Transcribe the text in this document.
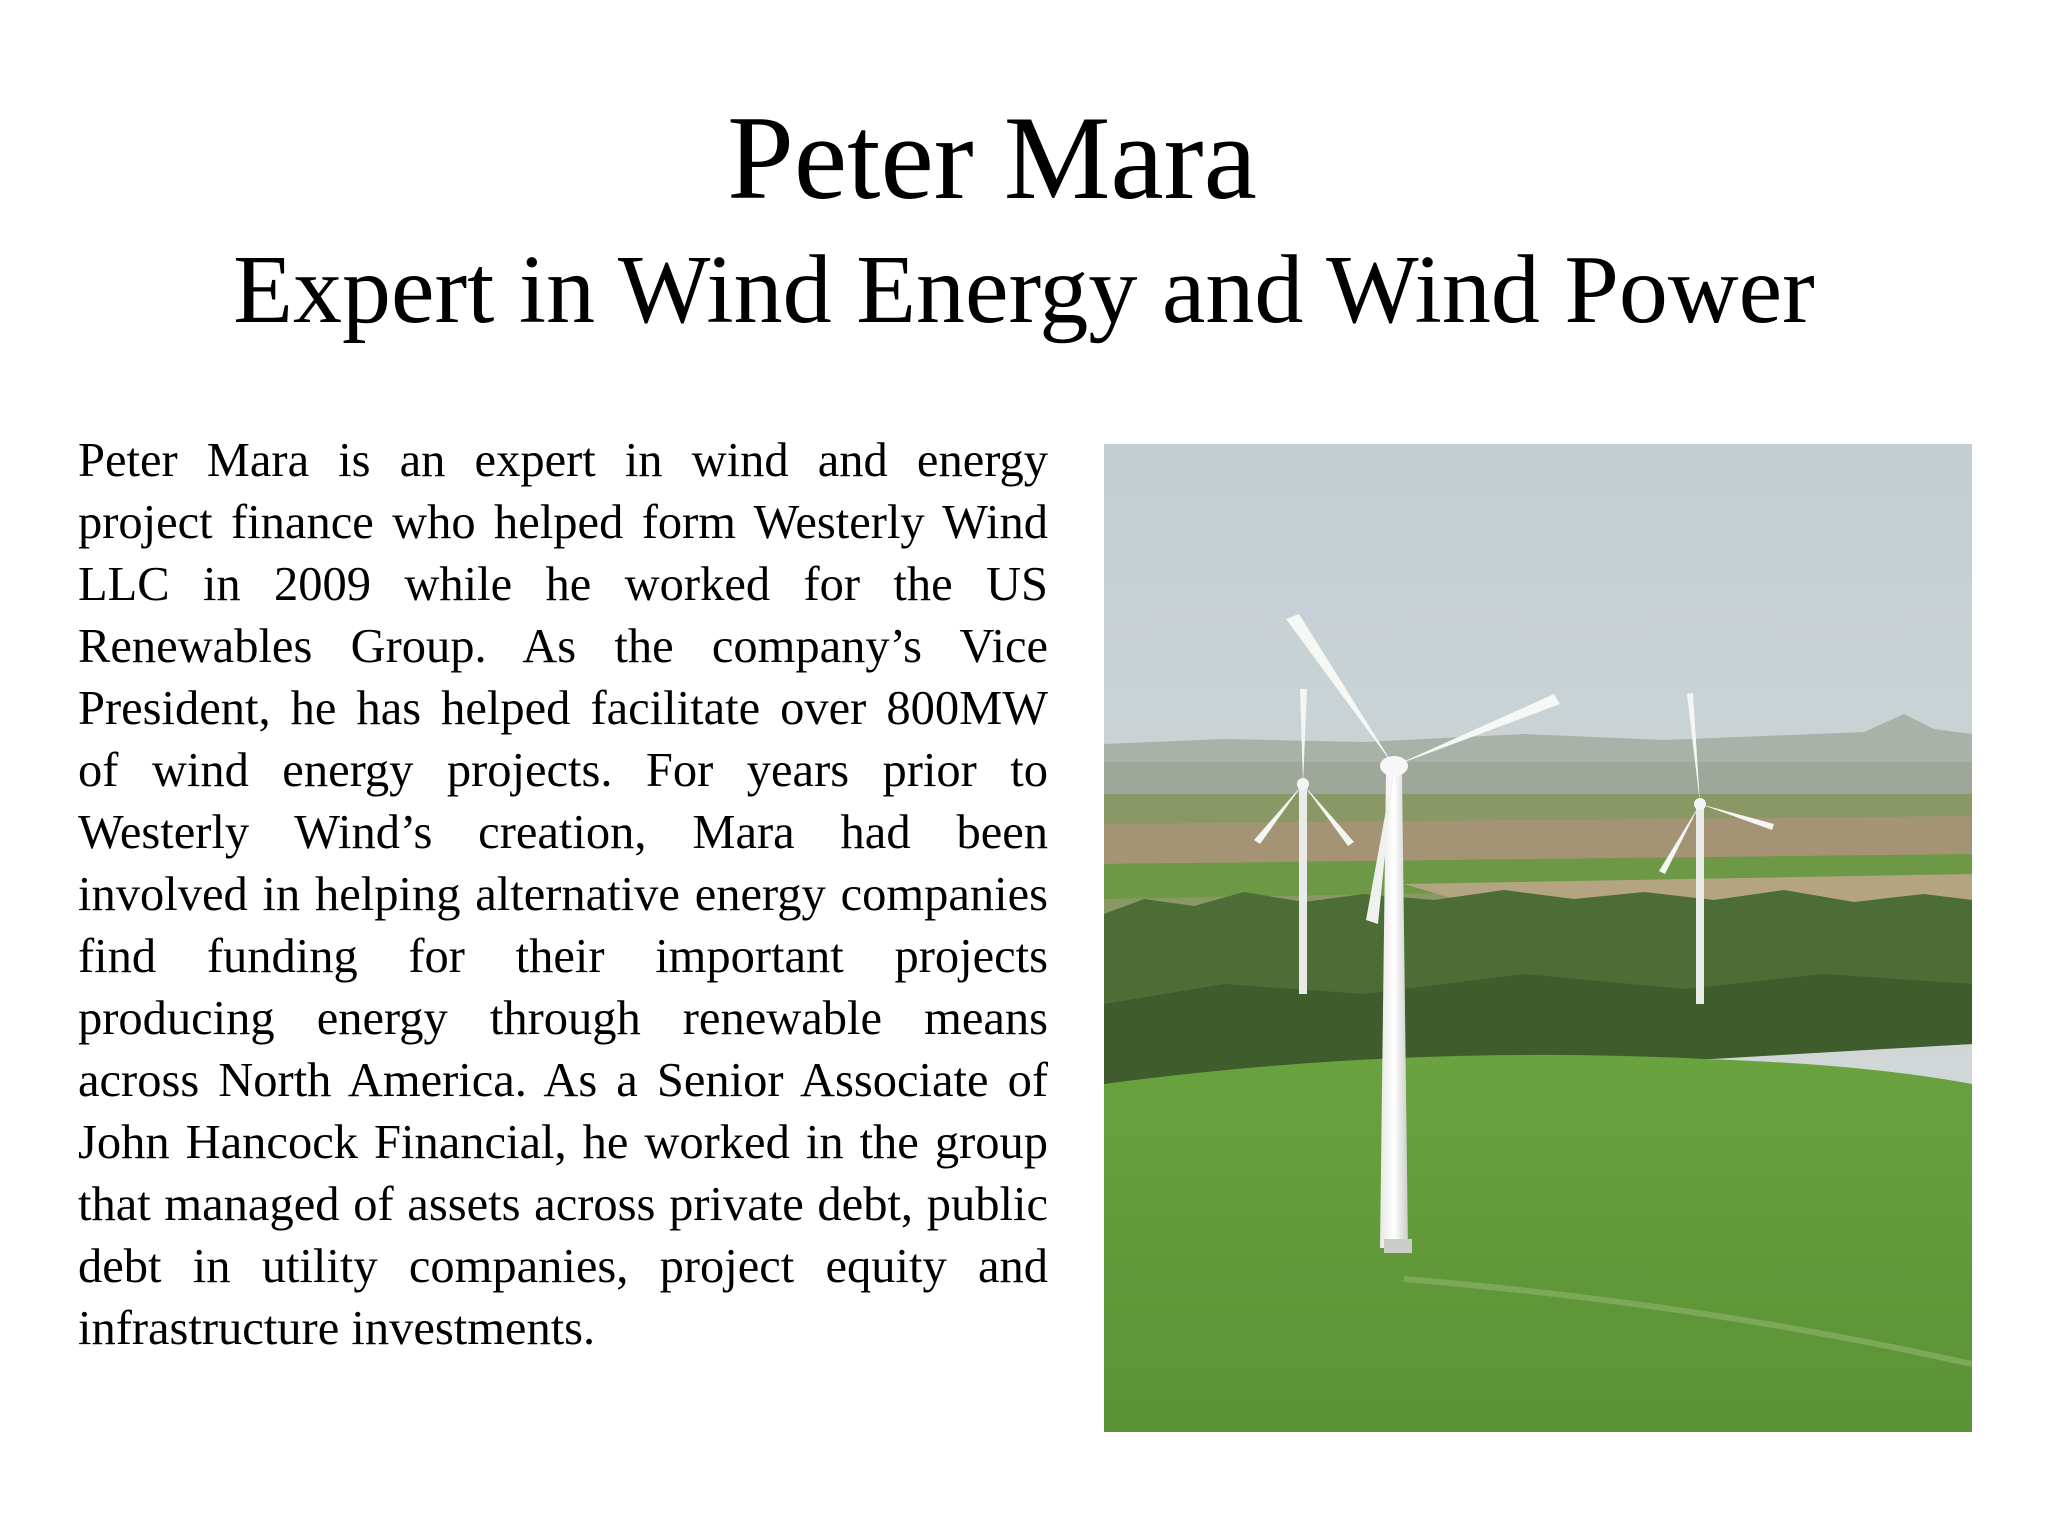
Peter Mara
Expert in Wind Energy and Wind Power

Peter Mara is an expert in wind and energy project finance who helped form Westerly Wind LLC in 2009 while he worked for the US Renewables Group. As the company’s Vice President, he has helped facilitate over 800MW of wind energy projects. For years prior to Westerly Wind’s creation, Mara had been involved in helping alternative energy companies find funding for their important projects producing energy through renewable means across North America. As a Senior Associate of John Hancock Financial, he worked in the group that managed of assets across private debt, public debt in utility companies, project equity and infrastructure investments.
